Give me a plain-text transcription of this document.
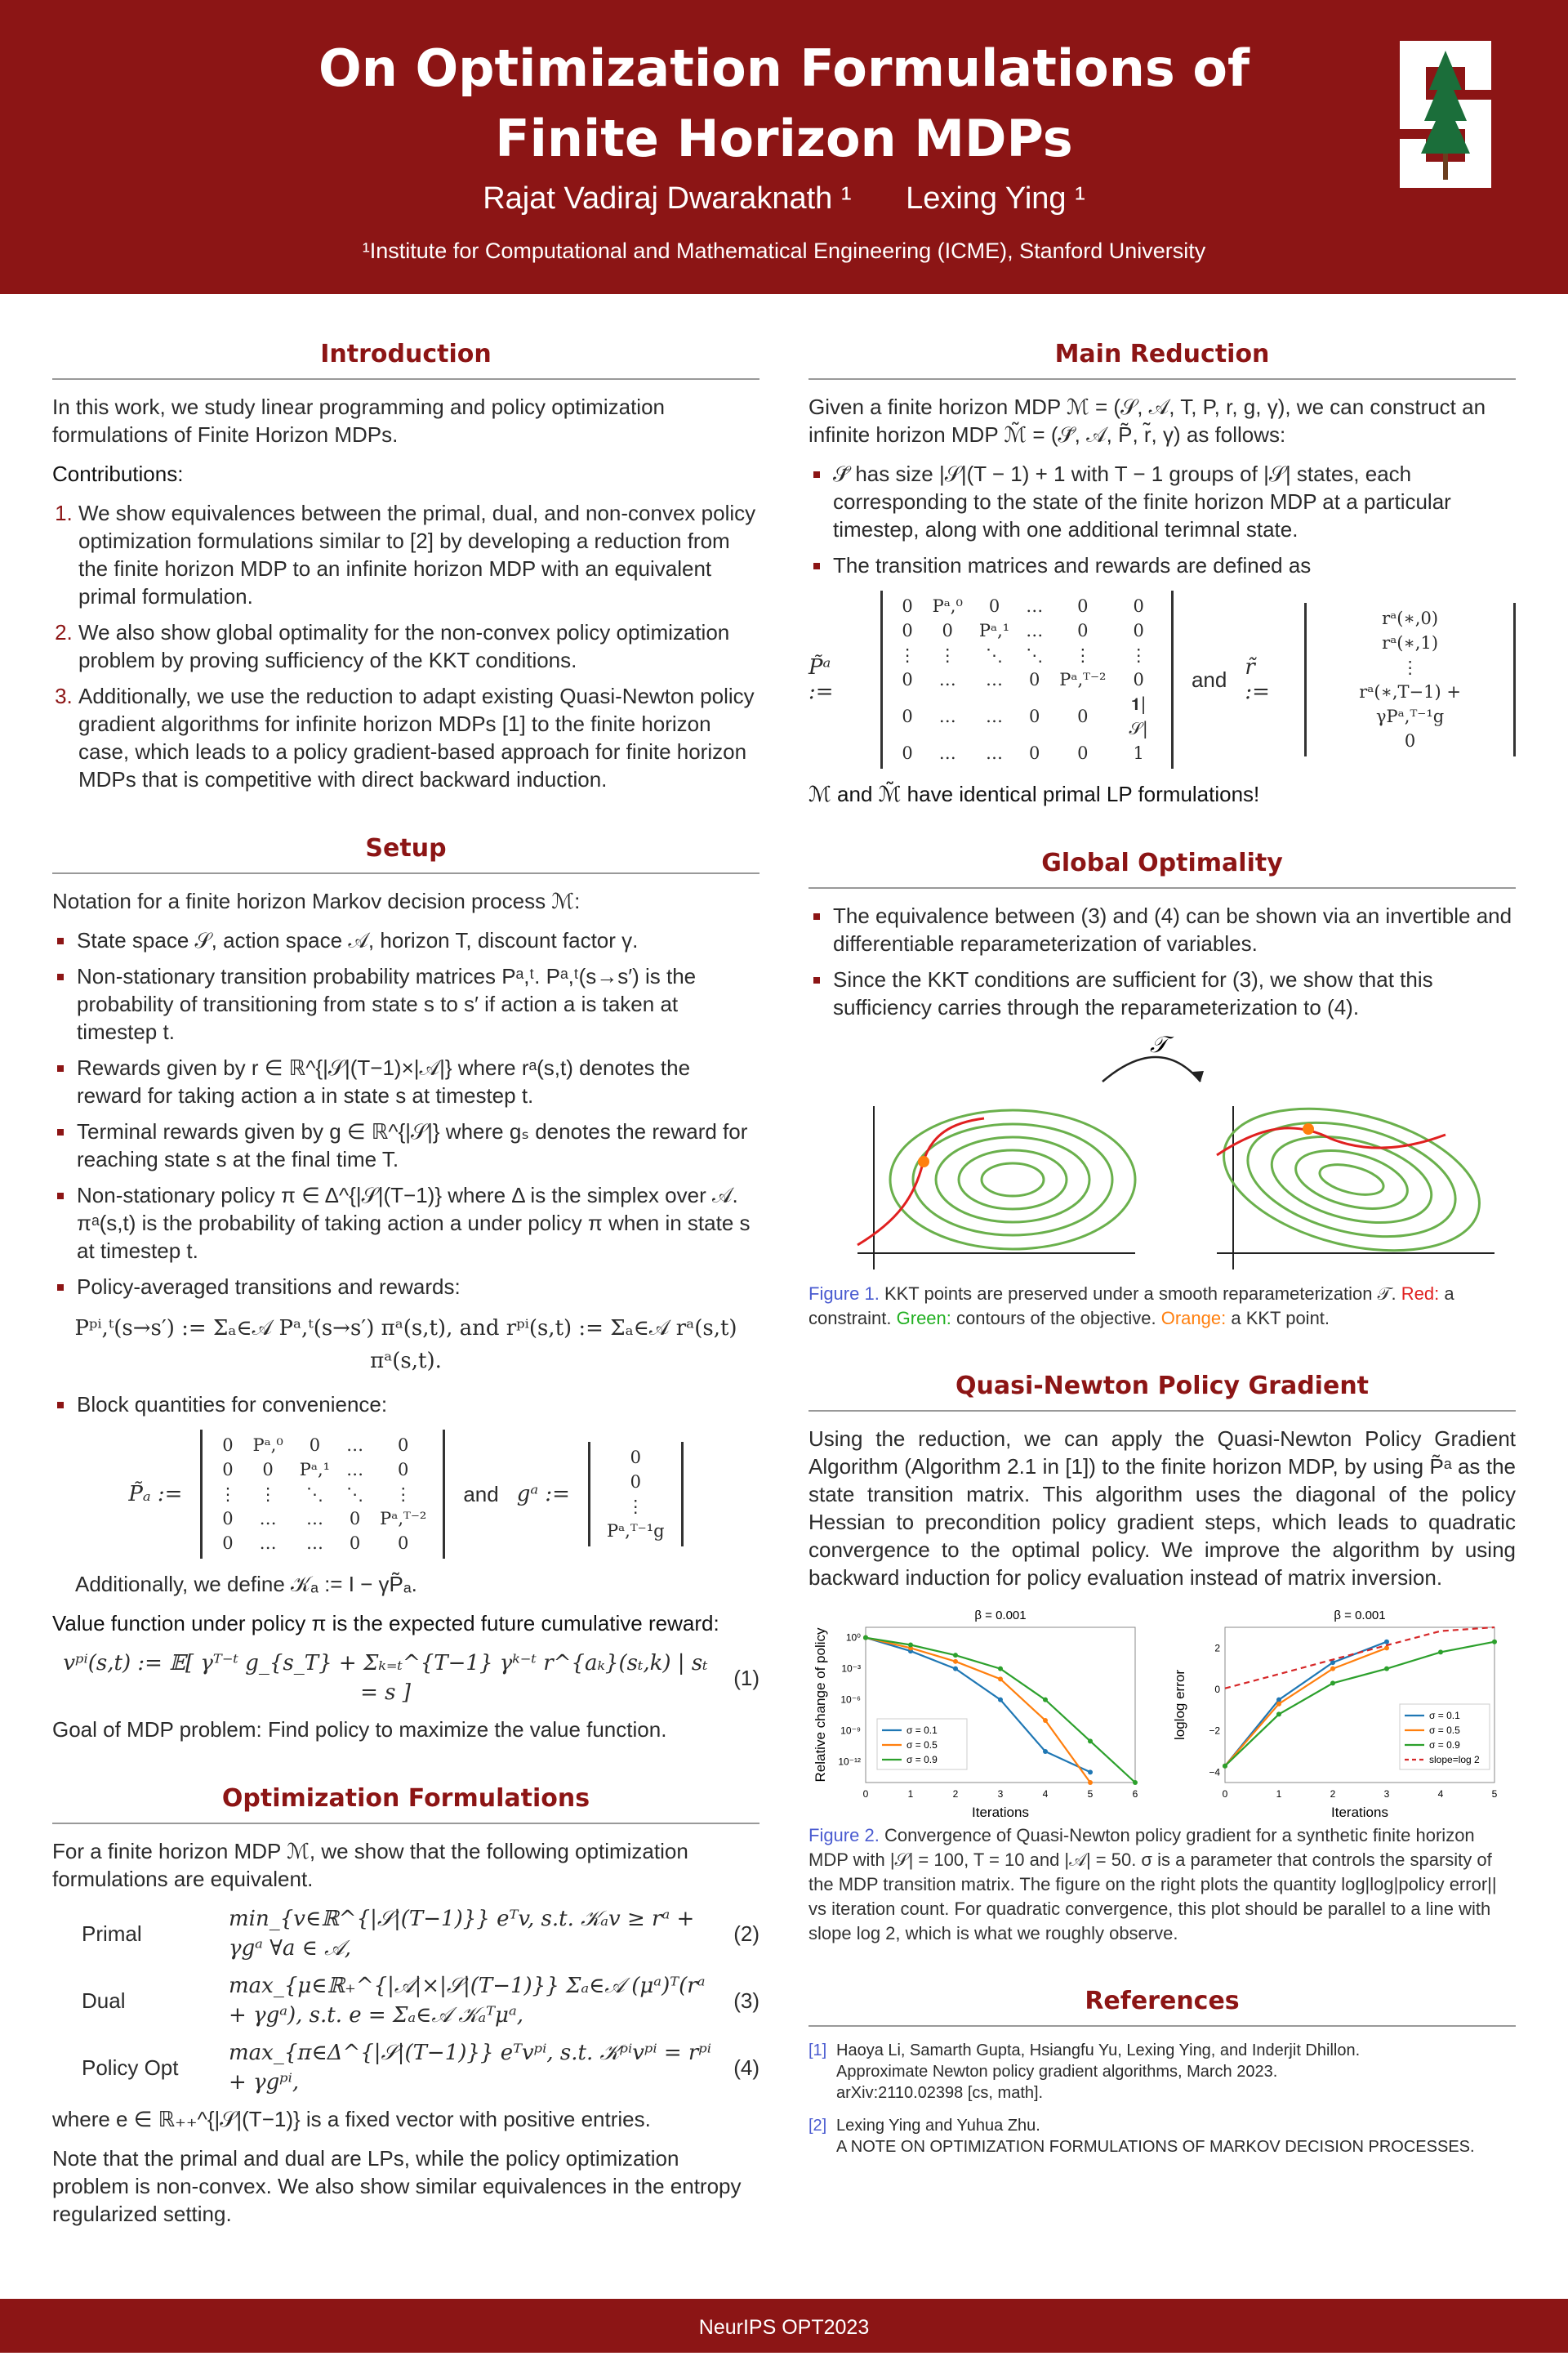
On Optimization Formulations of
Finite Horizon MDPs
Rajat Vadiraj Dwaraknath ¹ Lexing Ying ¹
¹Institute for Computational and Mathematical Engineering (ICME), Stanford University
Introduction

In this work, we study linear programming and policy optimization formulations of Finite Horizon MDPs.

Contributions:

1. We show equivalences between the primal, dual, and non-convex policy optimization formulations similar to [2] by developing a reduction from the finite horizon MDP to an infinite horizon MDP with an equivalent primal formulation.
2. We also show global optimality for the non-convex policy optimization problem by proving sufficiency of the KKT conditions.
3. Additionally, we use the reduction to adapt existing Quasi-Newton policy gradient algorithms for infinite horizon MDPs [1] to the finite horizon case, which leads to a policy gradient-based approach for finite horizon MDPs that is competitive with direct backward induction.
Setup

Notation for a finite horizon Markov decision process ℳ:

State space 𝒮, action space 𝒜, horizon T, discount factor γ.
Non-stationary transition probability matrices Pᵃ,ᵗ. Pᵃ,ᵗ(s→s′) is the probability of transitioning from state s to s′ if action a is taken at timestep t.
Rewards given by r ∈ ℝ^{|𝒮|(T−1)×|𝒜|} where rᵃ(s,t) denotes the reward for taking action a in state s at timestep t.
Terminal rewards given by g ∈ ℝ^{|𝒮|} where gₛ denotes the reward for reaching state s at the final time T.
Non-stationary policy π ∈ Δ^{|𝒮|(T−1)} where Δ is the simplex over 𝒜. πᵃ(s,t) is the probability of taking action a under policy π when in state s at timestep t.
Policy-averaged transitions and rewards:
Pᵖⁱ,ᵗ(s→s′) := Σₐ∈𝒜 Pᵃ,ᵗ(s→s′) πᵃ(s,t), and rᵖⁱ(s,t) := Σₐ∈𝒜 rᵃ(s,t) πᵃ(s,t).
Block quantities for convenience:
P̃ₐ :=
0	Pᵃ,⁰	0	…	0
0	0	Pᵃ,¹	…	0
⋮	⋮	⋱	⋱	⋮
0	…	…	0	Pᵃ,ᵀ⁻²
0	…	…	0	0
and gᵃ :=
0
0
⋮
Pᵃ,ᵀ⁻¹g

Additionally, we define 𝒦ₐ := I − γP̃ₐ.

Value function under policy π is the expected future cumulative reward:

vᵖⁱ(s,t) := 𝔼[ γᵀ⁻ᵗ g_{s_T} + Σₖ₌ₜ^{T−1} γᵏ⁻ᵗ r^{aₖ}(sₜ,k) | sₜ = s ]
(1)

Goal of MDP problem: Find policy to maximize the value function.

Optimization Formulations

For a finite horizon MDP ℳ, we show that the following optimization formulations are equivalent.

Primal
min_{v∈ℝ^{|𝒮|(T−1)}} eᵀv, s.t. 𝒦ₐv ≥ rᵃ + γgᵃ ∀a ∈ 𝒜,
(2)
Dual
max_{μ∈ℝ₊^{|𝒜|×|𝒮|(T−1)}} Σₐ∈𝒜 (μᵃ)ᵀ(rᵃ + γgᵃ), s.t. e = Σₐ∈𝒜 𝒦ₐᵀμᵃ,
(3)
Policy Opt
max_{π∈Δ^{|𝒮|(T−1)}} eᵀvᵖⁱ, s.t. 𝒦ᵖⁱvᵖⁱ = rᵖⁱ + γgᵖⁱ,
(4)

where e ∈ ℝ₊₊^{|𝒮|(T−1)} is a fixed vector with positive entries.

Note that the primal and dual are LPs, while the policy optimization problem is non-convex. We also show similar equivalences in the entropy regularized setting.

Main Reduction

Given a finite horizon MDP ℳ = (𝒮, 𝒜, T, P, r, g, γ), we can construct an infinite horizon MDP ℳ̃ = (𝒮̃, 𝒜, P̃, r̃, γ) as follows:

𝒮̃ has size |𝒮|(T − 1) + 1 with T − 1 groups of |𝒮| states, each corresponding to the state of the finite horizon MDP at a particular timestep, along with one additional terimnal state.
The transition matrices and rewards are defined as
P̃ᵃ :=
0	Pᵃ,⁰	0	…	0	0
0	0	Pᵃ,¹	…	0	0
⋮	⋮	⋱	⋱	⋮	⋮
0	…	…	0	Pᵃ,ᵀ⁻²	0
0	…	…	0	0	𝟏|𝒮|
0	…	…	0	0	1
and r̃ :=
rᵃ(∗,0)
rᵃ(∗,1)
⋮
rᵃ(∗,T−1) + γPᵃ,ᵀ⁻¹g
0

ℳ and ℳ̃ have identical primal LP formulations!

Global Optimality
The equivalence between (3) and (4) can be shown via an invertible and differentiable reparameterization of variables.
Since the KKT conditions are sufficient for (3), we show that this sufficiency carries through the reparameterization to (4).
𝒯

Figure 1. KKT points are preserved under a smooth reparameterization 𝒯. Red: a constraint. Green: contours of the objective. Orange: a KKT point.

Quasi-Newton Policy Gradient

Using the reduction, we can apply the Quasi-Newton Policy Gradient Algorithm (Algorithm 2.1 in [1]) to the finite horizon MDP, by using P̃ᵃ as the state transition matrix. This algorithm uses the diagonal of the policy Hessian to precondition policy gradient steps, which leads to quadratic convergence to the optimal policy. We improve the algorithm by using backward induction for policy evaluation instead of matrix inversion.

β = 0.001
Iterations
Relative change of policy
0	1	2	3	4	5	6
10⁰
10⁻³
10⁻⁶
10⁻⁹
10⁻¹²
σ = 0.1
σ = 0.5
σ = 0.9
β = 0.001
Iterations
loglog error
0	1	2	3	4	5
2
0
−2
−4
σ = 0.1
σ = 0.5
σ = 0.9
slope=log 2

Figure 2. Convergence of Quasi-Newton policy gradient for a synthetic finite horizon MDP with |𝒮| = 100, T = 10 and |𝒜| = 50. σ is a parameter that controls the sparsity of the MDP transition matrix. The figure on the right plots the quantity log|log|policy error|| vs iteration count. For quadratic convergence, this plot should be parallel to a line with slope log 2, which is what we roughly observe.

References
[1] Haoya Li, Samarth Gupta, Hsiangfu Yu, Lexing Ying, and Inderjit Dhillon.
Approximate Newton policy gradient algorithms, March 2023.
arXiv:2110.02398 [cs, math].
[2] Lexing Ying and Yuhua Zhu.
A NOTE ON OPTIMIZATION FORMULATIONS OF MARKOV DECISION PROCESSES.
NeurIPS OPT2023
